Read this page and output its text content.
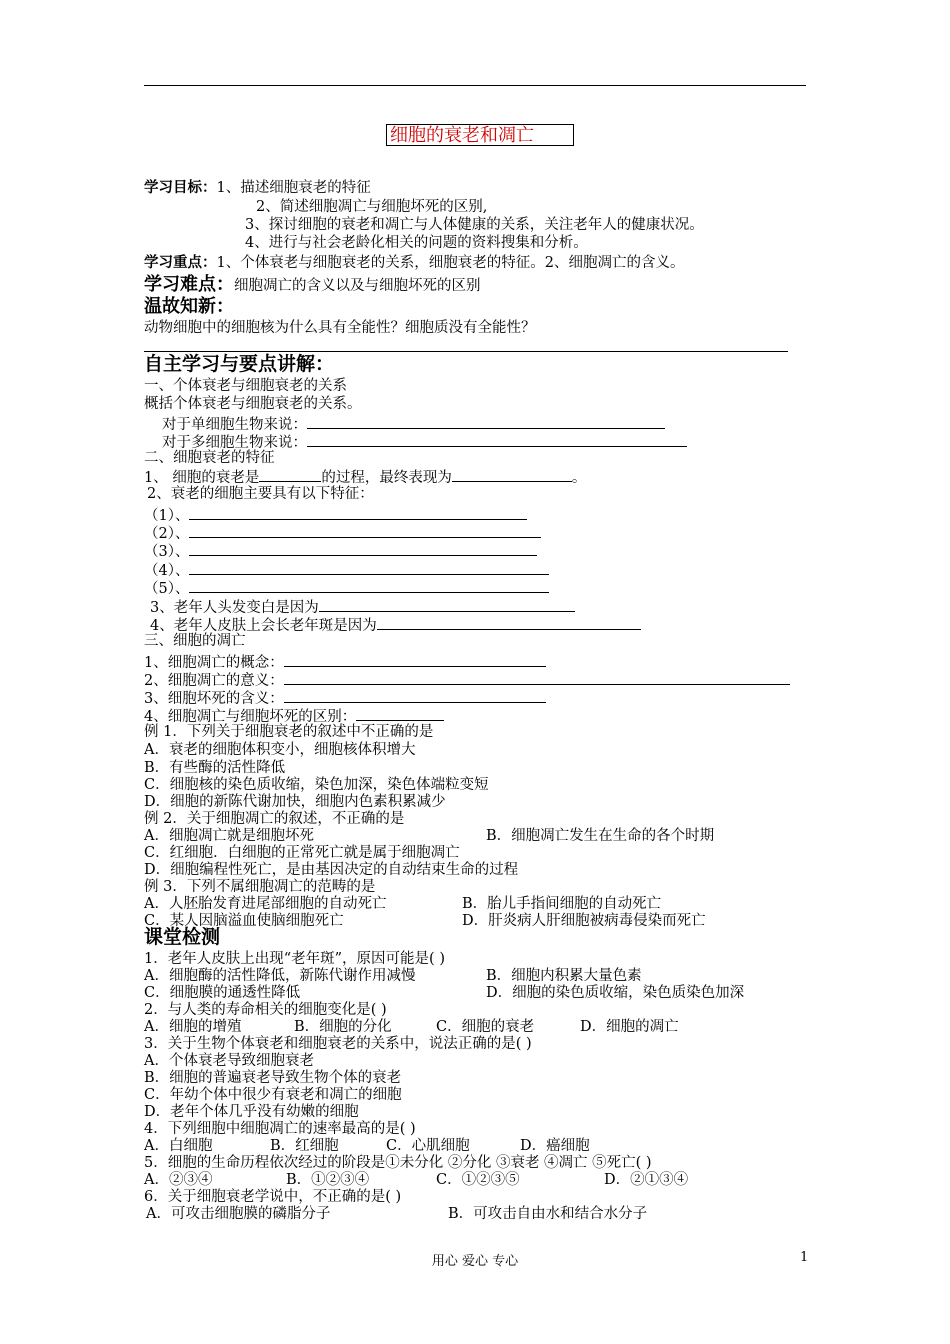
细胞的衰老和凋亡
学习目标：1、描述细胞衰老的特征
2、简述细胞凋亡与细胞坏死的区别,
3、探讨细胞的衰老和凋亡与人体健康的关系，关注老年人的健康状况。
4、进行与社会老龄化相关的问题的资料搜集和分析。
学习重点：1、个体衰老与细胞衰老的关系，细胞衰老的特征。2、细胞凋亡的含义。
学习难点：细胞凋亡的含义以及与细胞坏死的区别
温故知新：
动物细胞中的细胞核为什么具有全能性？细胞质没有全能性？
自主学习与要点讲解：
一、个体衰老与细胞衰老的关系
概括个体衰老与细胞衰老的关系。
对于单细胞生物来说：
对于多细胞生物来说：
二、细胞衰老的特征
1、 细胞的衰老是	的过程，最终表现为	。
2、衰老的细胞主要具有以下特征：
（1）、
（2）、
（3）、
（4）、
（5）、
3、老年人头发变白是因为
4、老年人皮肤上会长老年斑是因为
三、细胞的凋亡
1、细胞凋亡的概念：
2、细胞凋亡的意义：
3、细胞坏死的含义：
4、细胞凋亡与细胞坏死的区别：
例 1．下列关于细胞衰老的叙述中不正确的是
A．衰老的细胞体积变小，细胞核体积增大
B．有些酶的活性降低
C．细胞核的染色质收缩，染色加深，染色体端粒变短
D．细胞的新陈代谢加快，细胞内色素积累减少
例 2．关于细胞凋亡的叙述，不正确的是
A．细胞凋亡就是细胞坏死	B．细胞凋亡发生在生命的各个时期
C．红细胞．白细胞的正常死亡就是属于细胞凋亡
D．细胞编程性死亡，是由基因决定的自动结束生命的过程
例 3．下列不属细胞凋亡的范畴的是
A．人胚胎发育进尾部细胞的自动死亡	B．胎儿手指间细胞的自动死亡
C．某人因脑溢血使脑细胞死亡	D．肝炎病人肝细胞被病毒侵染而死亡
课堂检测
1．老年人皮肤上出现“老年斑”，原因可能是( )
A．细胞酶的活性降低，新陈代谢作用减慢	B．细胞内积累大量色素
C．细胞膜的通透性降低	D．细胞的染色质收缩，染色质染色加深
2．与人类的寿命相关的细胞变化是( )
A．细胞的增殖	B．细胞的分化	C．细胞的衰老	D．细胞的凋亡
3．关于生物个体衰老和细胞衰老的关系中，说法正确的是( )
A．个体衰老导致细胞衰老
B．细胞的普遍衰老导致生物个体的衰老
C．年幼个体中很少有衰老和凋亡的细胞
D．老年个体几乎没有幼嫩的细胞
4．下列细胞中细胞凋亡的速率最高的是( )
A．白细胞	B．红细胞	C．心肌细胞	D．癌细胞
5．细胞的生命历程依次经过的阶段是①未分化 ②分化 ③衰老 ④凋亡 ⑤死亡( )
A．②③④	B．①②③④	C．①②③⑤	D．②①③④
6．关于细胞衰老学说中，不正确的是( )
A．可攻击细胞膜的磷脂分子	B．可攻击自由水和结合水分子
用心 爱心 专心	1
